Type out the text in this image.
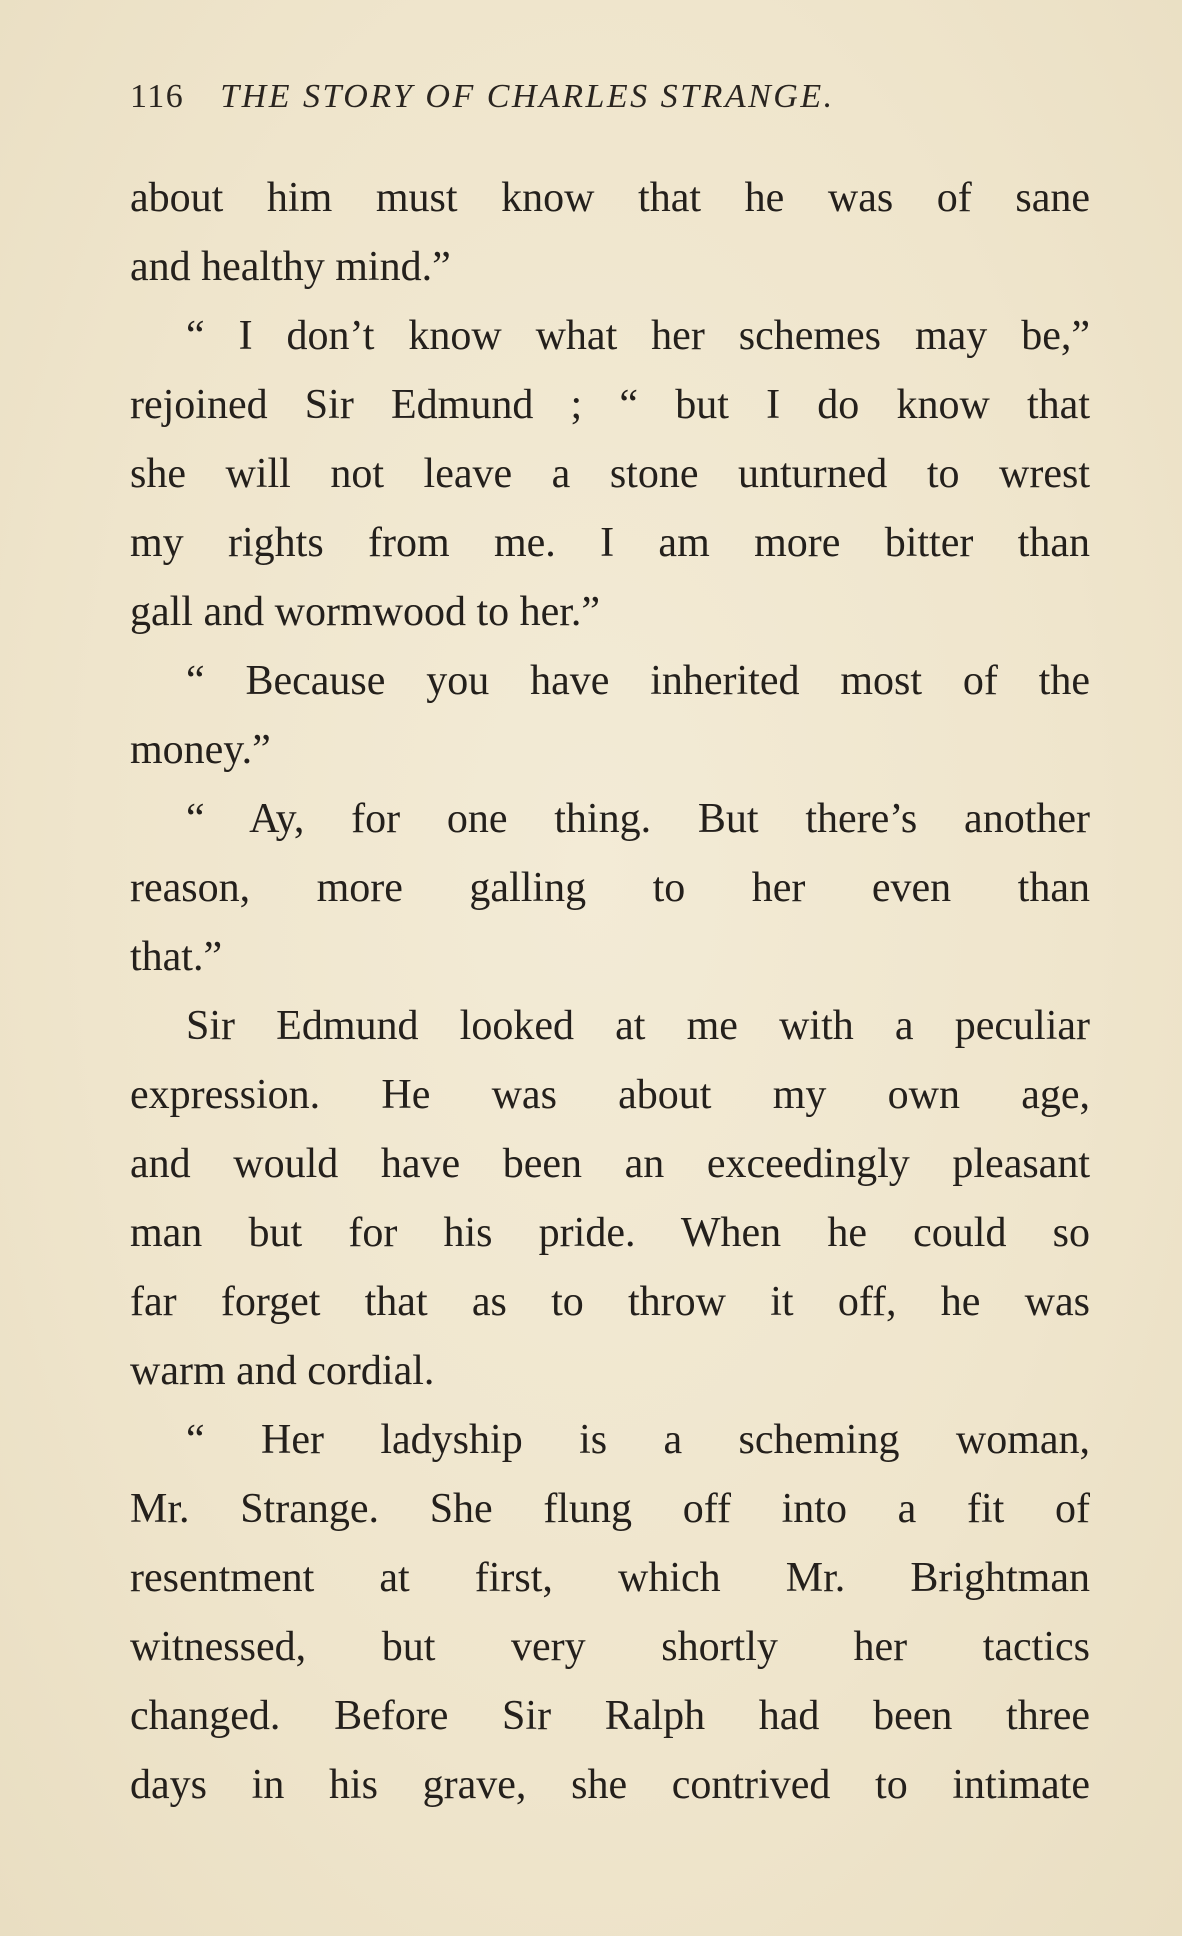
116 THE STORY OF CHARLES STRANGE.
about him must know that he was of sane
and healthy mind.”
“ I don’t know what her schemes may be,”
rejoined Sir Edmund ; “ but I do know that
she will not leave a stone unturned to wrest
my rights from me. I am more bitter than
gall and wormwood to her.”
“ Because you have inherited most of the
money.”
“ Ay, for one thing. But there’s another
reason, more galling to her even than
that.”
Sir Edmund looked at me with a peculiar
expression. He was about my own age,
and would have been an exceedingly pleasant
man but for his pride. When he could so
far forget that as to throw it off, he was
warm and cordial.
“ Her ladyship is a scheming woman,
Mr. Strange. She flung off into a fit of
resentment at first, which Mr. Brightman
witnessed, but very shortly her tactics
changed. Before Sir Ralph had been three
days in his grave, she contrived to intimate
